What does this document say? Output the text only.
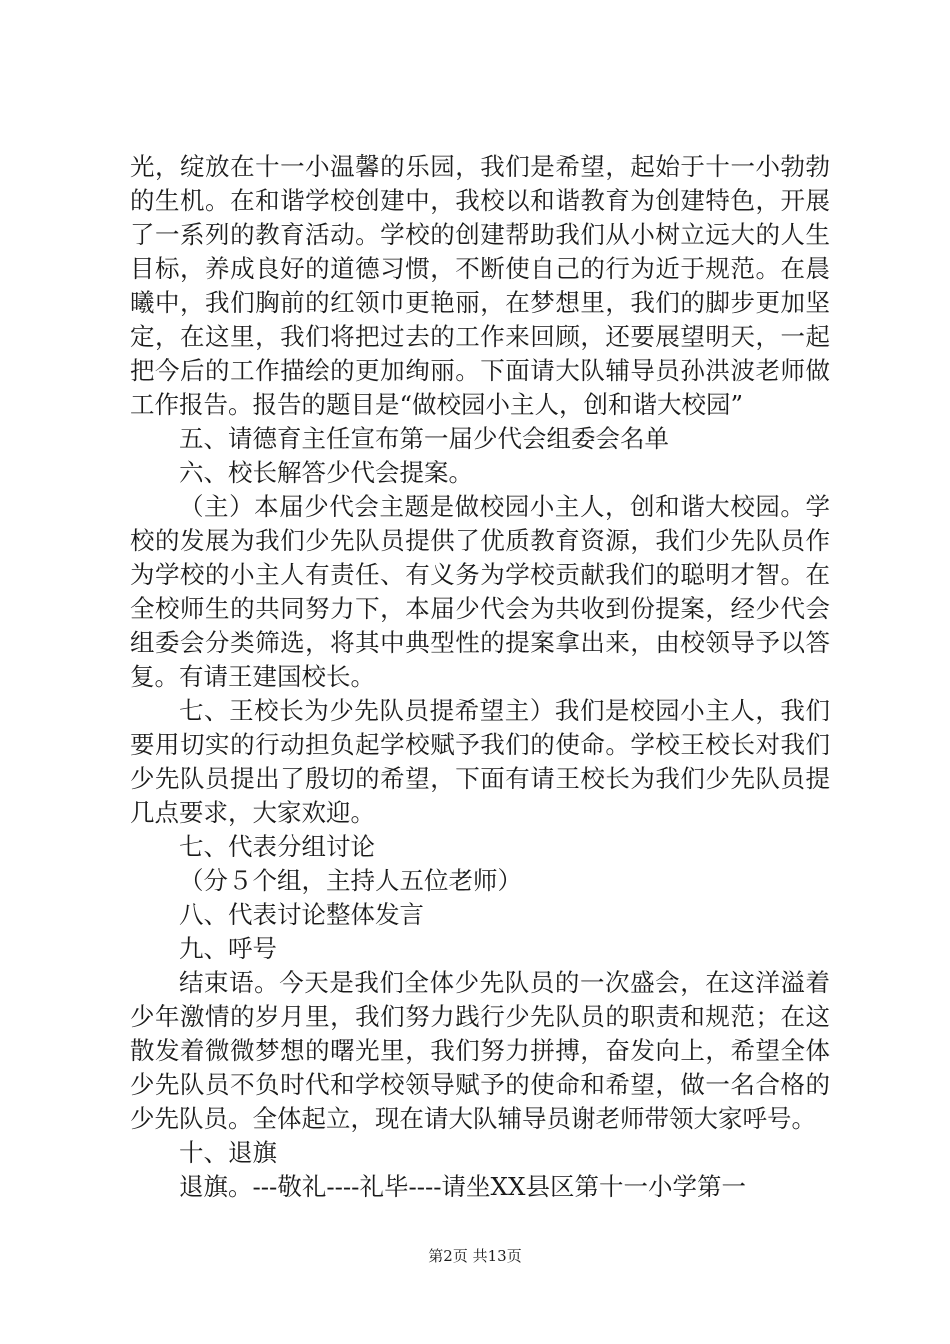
光，绽放在十一小温馨的乐园，我们是希望，起始于十一小勃勃的生机。在和谐学校创建中，我校以和谐教育为创建特色，开展了一系列的教育活动。学校的创建帮助我们从小树立远大的人生目标，养成良好的道德习惯，不断使自己的行为近于规范。在晨曦中，我们胸前的红领巾更艳丽，在梦想里，我们的脚步更加坚定，在这里，我们将把过去的工作来回顾，还要展望明天，一起把今后的工作描绘的更加绚丽。下面请大队辅导员孙洪波老师做工作报告。报告的题目是“做校园小主人，创和谐大校园”

五、请德育主任宣布第一届少代会组委会名单

六、校长解答少代会提案。

（主）本届少代会主题是做校园小主人，创和谐大校园。学校的发展为我们少先队员提供了优质教育资源，我们少先队员作为学校的小主人有责任、有义务为学校贡献我们的聪明才智。在全校师生的共同努力下，本届少代会为共收到份提案，经少代会组委会分类筛选，将其中典型性的提案拿出来，由校领导予以答复。有请王建国校长。

七、王校长为少先队员提希望主）我们是校园小主人，我们要用切实的行动担负起学校赋予我们的使命。学校王校长对我们少先队员提出了殷切的希望，下面有请王校长为我们少先队员提几点要求，大家欢迎。

七、代表分组讨论

（分５个组，主持人五位老师）

八、代表讨论整体发言

九、呼号

结束语。今天是我们全体少先队员的一次盛会，在这洋溢着少年激情的岁月里，我们努力践行少先队员的职责和规范；在这散发着微微梦想的曙光里，我们努力拼搏，奋发向上，希望全体少先队员不负时代和学校领导赋予的使命和希望，做一名合格的少先队员。全体起立，现在请大队辅导员谢老师带领大家呼号。

十、退旗

退旗。---敬礼----礼毕----请坐XX县区第十一小学第一

第2页 共13页
